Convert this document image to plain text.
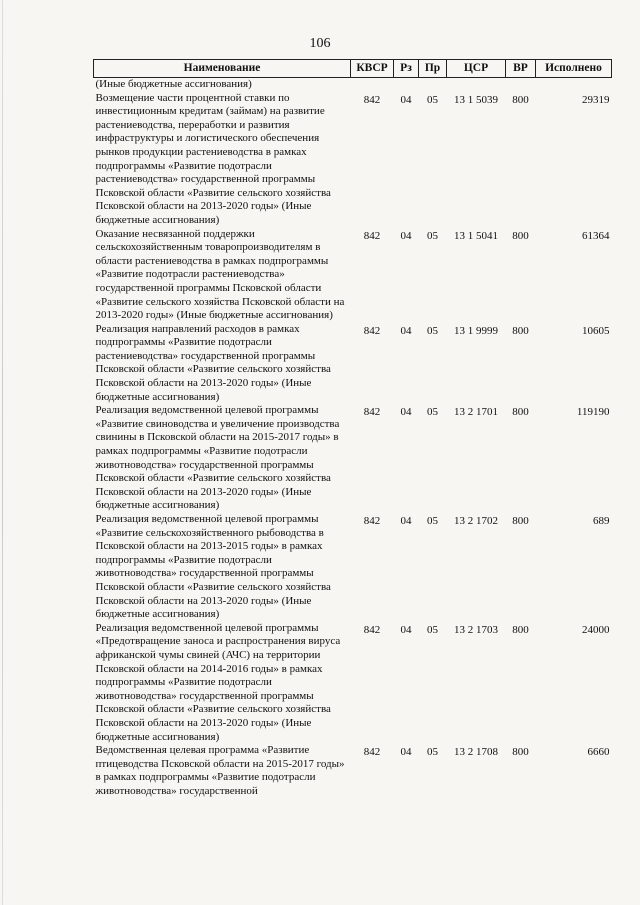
106
Наименование	КВСР	Рз	Пр	ЦСР	ВР	Исполнено
(Иные бюджетные ассигнования)						
Возмещение части процентной ставки по инвестиционным кредитам (займам) на развитие растениеводства, переработки и развития инфраструктуры и логистического обеспечения рынков продукции растениеводства в рамках подпрограммы «Развитие подотрасли растениеводства» государственной программы Псковской области «Развитие сельского хозяйства Псковской области на 2013-2020 годы» (Иные бюджетные ассигнования)	842	04	05	13 1 5039	800	29319
Оказание несвязанной поддержки сельскохозяйственным товаропроизводителям в области растениеводства в рамках подпрограммы «Развитие подотрасли растениеводства» государственной программы Псковской области «Развитие сельского хозяйства Псковской области на 2013-2020 годы» (Иные бюджетные ассигнования)	842	04	05	13 1 5041	800	61364
Реализация направлений расходов в рамках подпрограммы «Развитие подотрасли растениеводства» государственной программы Псковской области «Развитие сельского хозяйства Псковской области на 2013-2020 годы» (Иные бюджетные ассигнования)	842	04	05	13 1 9999	800	10605
Реализация ведомственной целевой программы «Развитие свиноводства и увеличение производства свинины в Псковской области на 2015-2017 годы» в рамках подпрограммы «Развитие подотрасли животноводства» государственной программы Псковской области «Развитие сельского хозяйства Псковской области на 2013-2020 годы» (Иные бюджетные ассигнования)	842	04	05	13 2 1701	800	119190
Реализация ведомственной целевой программы «Развитие сельскохозяйственного рыбоводства в Псковской области на 2013-2015 годы» в рамках подпрограммы «Развитие подотрасли животноводства» государственной программы Псковской области «Развитие сельского хозяйства Псковской области на 2013-2020 годы» (Иные бюджетные ассигнования)	842	04	05	13 2 1702	800	689
Реализация ведомственной целевой программы «Предотвращение заноса и распространения вируса африканской чумы свиней (АЧС) на территории Псковской области на 2014-2016 годы» в рамках подпрограммы «Развитие подотрасли животноводства» государственной программы Псковской области «Развитие сельского хозяйства Псковской области на 2013-2020 годы» (Иные бюджетные ассигнования)	842	04	05	13 2 1703	800	24000
Ведомственная целевая программа «Развитие птицеводства Псковской области на 2015-2017 годы» в рамках подпрограммы «Развитие подотрасли животноводства» государственной	842	04	05	13 2 1708	800	6660
